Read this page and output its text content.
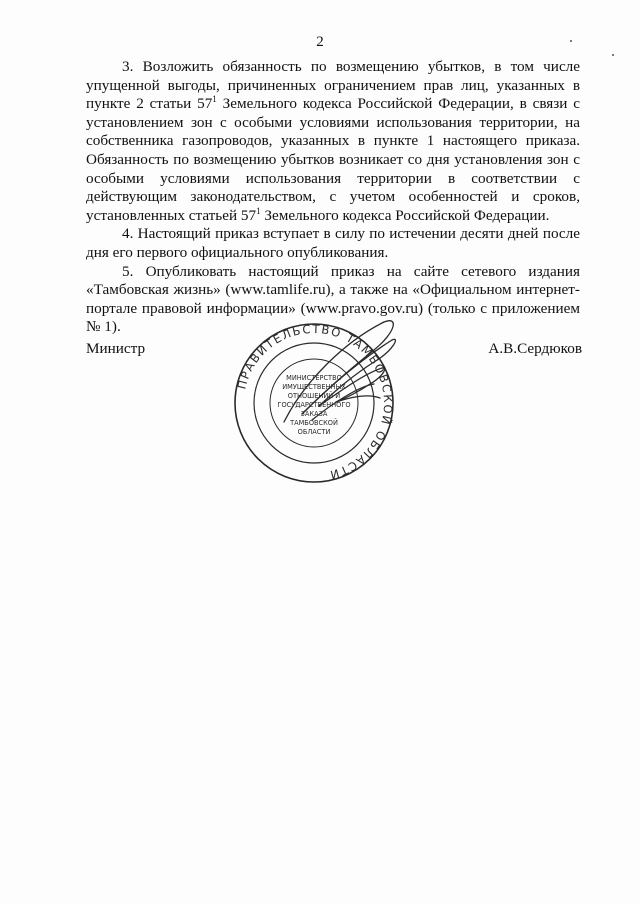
2

3. Возложить обязанность по возмещению убытков, в том числе упущенной выгоды, причиненных ограничением прав лиц, указанных в пункте 2 статьи $57^1$ Земельного кодекса Российской Федерации, в связи с установлением зон с особыми условиями использования территории, на собственника газопроводов, указанных в пункте 1 настоящего приказа. Обязанность по возмещению убытков возникает со дня установления зон с особыми условиями использования территории в соответствии с действующим законодательством, с учетом особенностей и сроков, установленных статьей $57^1$ Земельного кодекса Российской Федерации.

4. Настоящий приказ вступает в силу по истечении десяти дней после дня его первого официального опубликования.

5. Опубликовать настоящий приказ на сайте сетевого издания «Тамбовская жизнь» (www.tamlife.ru), а также на «Официальном интернет-портале правовой информации» (www.pravo.gov.ru) (только с приложением № 1).

Министр	А.В.Сердюков
ПРАВИТЕЛЬСТВО ТАМБОВСКОЙ ОБЛАСТИ
МИНИСТЕРСТВО
ИМУЩЕСТВЕННЫХ
ОТНОШЕНИЙ И
ГОСУДАРСТВЕННОГО
ЗАКАЗА
ТАМБОВСКОЙ
ОБЛАСТИ
